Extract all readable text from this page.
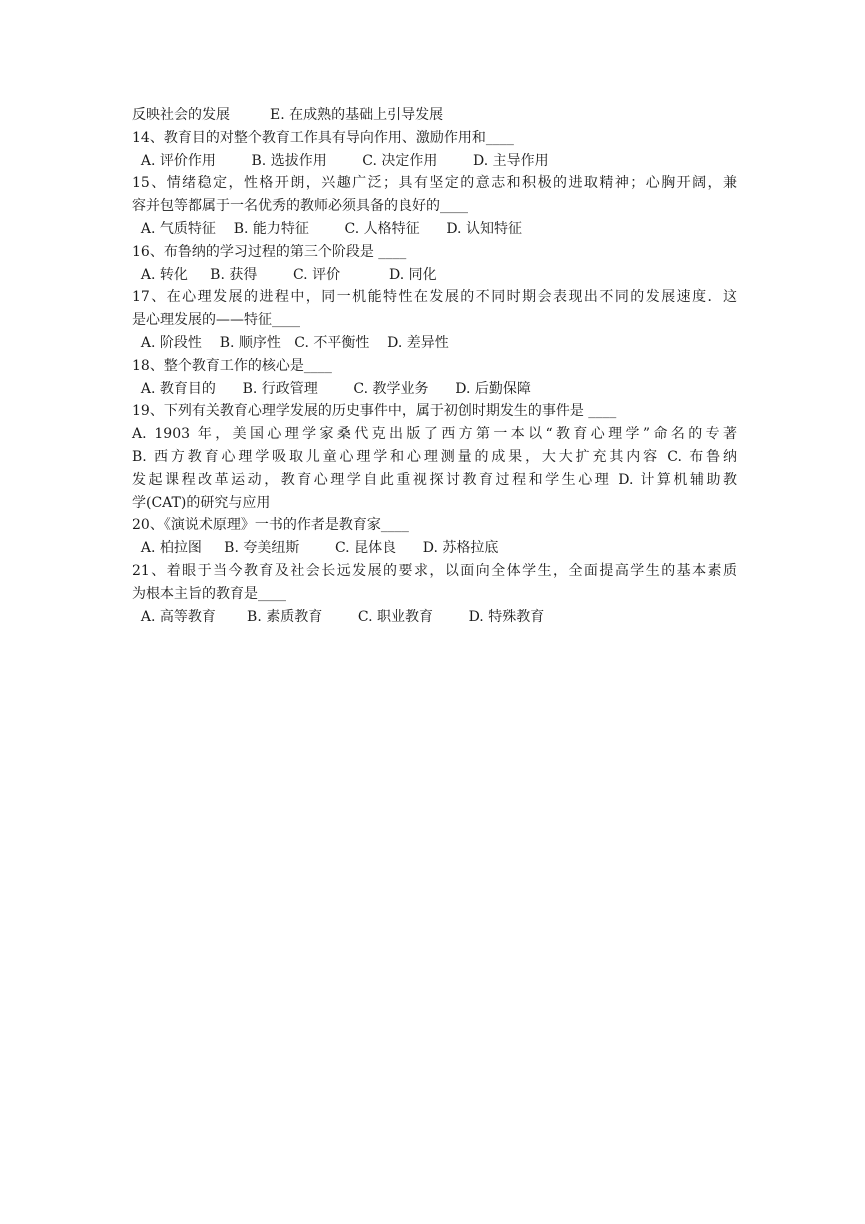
反映社会的发展         E. 在成熟的基础上引导发展
14、教育目的对整个教育工作具有导向作用、激励作用和____
A. 评价作用        B. 选拔作用        C. 决定作用        D. 主导作用
15、情绪稳定，性格开朗，兴趣广泛；具有坚定的意志和积极的进取精神；心胸开阔，兼
容并包等都属于一名优秀的教师必须具备的良好的____
A. 气质特征    B. 能力特征        C. 人格特征      D. 认知特征
16、布鲁纳的学习过程的第三个阶段是 ____
A. 转化     B. 获得        C. 评价           D. 同化
17、在心理发展的进程中，同一机能特性在发展的不同时期会表现出不同的发展速度．这
是心理发展的——特征____
A. 阶段性    B. 顺序性   C. 不平衡性    D. 差异性
18、整个教育工作的核心是____
A. 教育目的      B. 行政管理        C. 教学业务      D. 后勤保障
19、下列有关教育心理学发展的历史事件中，属于初创时期发生的事件是 ____
A. 1903 年，美国心理学家桑代克出版了西方第一本以“教育心理学”命名的专著
B. 西方教育心理学吸取儿童心理学和心理测量的成果，大大扩充其内容 C. 布鲁纳
发起课程改革运动，教育心理学自此重视探讨教育过程和学生心理 D. 计算机辅助教
学(CAT)的研究与应用
20、《演说术原理》一书的作者是教育家____
A. 柏拉图     B. 夸美纽斯        C. 昆体良      D. 苏格拉底
21、着眼于当今教育及社会长远发展的要求，以面向全体学生，全面提高学生的基本素质
为根本主旨的教育是____
A. 高等教育       B. 素质教育        C. 职业教育        D. 特殊教育
